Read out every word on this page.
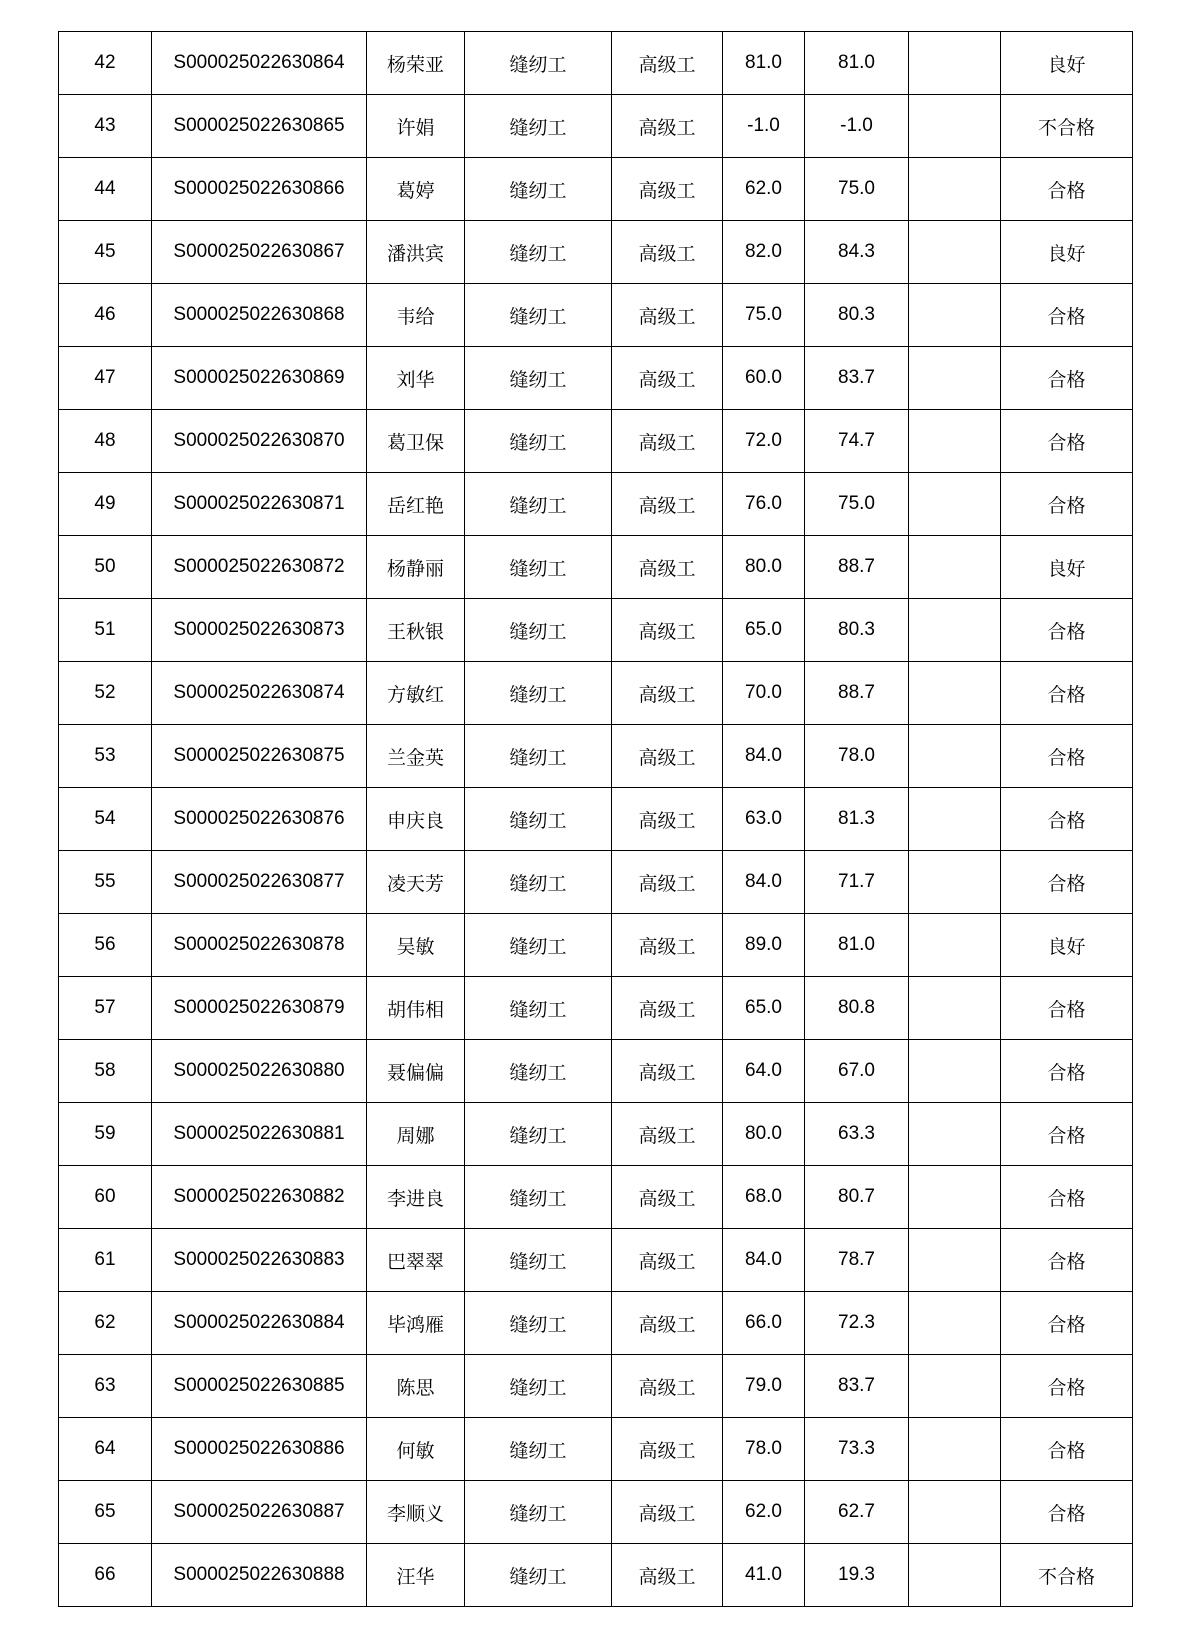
42	S000025022630864	杨荣亚	缝纫工	高级工	81.0	81.0		良好
43	S000025022630865	许娟	缝纫工	高级工	-1.0	-1.0		不合格
44	S000025022630866	葛婷	缝纫工	高级工	62.0	75.0		合格
45	S000025022630867	潘洪宾	缝纫工	高级工	82.0	84.3		良好
46	S000025022630868	韦给	缝纫工	高级工	75.0	80.3		合格
47	S000025022630869	刘华	缝纫工	高级工	60.0	83.7		合格
48	S000025022630870	葛卫保	缝纫工	高级工	72.0	74.7		合格
49	S000025022630871	岳红艳	缝纫工	高级工	76.0	75.0		合格
50	S000025022630872	杨静丽	缝纫工	高级工	80.0	88.7		良好
51	S000025022630873	王秋银	缝纫工	高级工	65.0	80.3		合格
52	S000025022630874	方敏红	缝纫工	高级工	70.0	88.7		合格
53	S000025022630875	兰金英	缝纫工	高级工	84.0	78.0		合格
54	S000025022630876	申庆良	缝纫工	高级工	63.0	81.3		合格
55	S000025022630877	凌天芳	缝纫工	高级工	84.0	71.7		合格
56	S000025022630878	吴敏	缝纫工	高级工	89.0	81.0		良好
57	S000025022630879	胡伟相	缝纫工	高级工	65.0	80.8		合格
58	S000025022630880	聂偏偏	缝纫工	高级工	64.0	67.0		合格
59	S000025022630881	周娜	缝纫工	高级工	80.0	63.3		合格
60	S000025022630882	李进良	缝纫工	高级工	68.0	80.7		合格
61	S000025022630883	巴翠翠	缝纫工	高级工	84.0	78.7		合格
62	S000025022630884	毕鸿雁	缝纫工	高级工	66.0	72.3		合格
63	S000025022630885	陈思	缝纫工	高级工	79.0	83.7		合格
64	S000025022630886	何敏	缝纫工	高级工	78.0	73.3		合格
65	S000025022630887	李顺义	缝纫工	高级工	62.0	62.7		合格
66	S000025022630888	汪华	缝纫工	高级工	41.0	19.3		不合格
